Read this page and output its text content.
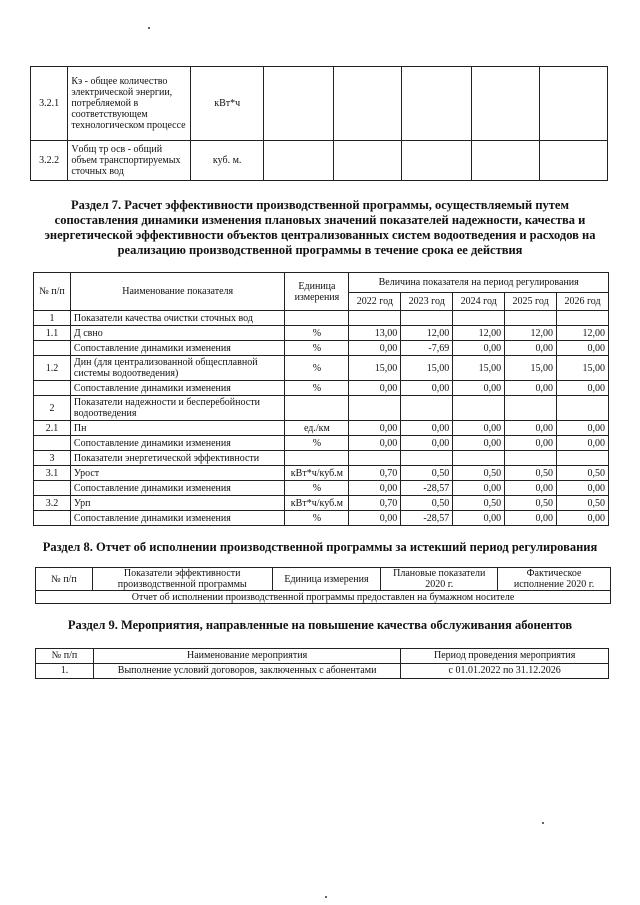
3.2.1	Кэ - общее количество электрической энергии, потребляемой в соответствующем технологическом процессе	кВт*ч					
3.2.2	Vобщ тр осв - общий объем транспортируемых сточных вод	куб. м.					

Раздел 7. Расчет эффективности производственной программы, осуществляемый путем сопоставления динамики изменения плановых значений показателей надежности, качества и энергетической эффективности объектов централизованных систем водоотведения и расходов на реализацию производственной программы в течение срока ее действия

№ п/п	Наименование показателя	Единица измерения	Величина показателя на период регулирования				
			2022 год	2023 год	2024 год	2025 год	2026 год
1	Показатели качества очистки сточных вод						
1.1	Д свно	%	13,00	12,00	12,00	12,00	12,00
	Сопоставление динамики изменения	%	0,00	-7,69	0,00	0,00	0,00
1.2	Дин (для централизованной общесплавной системы водоотведения)	%	15,00	15,00	15,00	15,00	15,00
	Сопоставление динамики изменения	%	0,00	0,00	0,00	0,00	0,00
2	Показатели надежности и бесперебойности водоотведения						
2.1	Пн	ед./км	0,00	0,00	0,00	0,00	0,00
	Сопоставление динамики изменения	%	0,00	0,00	0,00	0,00	0,00
3	Показатели энергетической эффективности						
3.1	Урост	кВт*ч/куб.м	0,70	0,50	0,50	0,50	0,50
	Сопоставление динамики изменения	%	0,00	-28,57	0,00	0,00	0,00
3.2	Урп	кВт*ч/куб.м	0,70	0,50	0,50	0,50	0,50
	Сопоставление динамики изменения	%	0,00	-28,57	0,00	0,00	0,00

Раздел 8. Отчет об исполнении производственной программы за истекший период регулирования

№ п/п	Показатели эффективности производственной программы	Единица измерения	Плановые показатели 2020 г.	Фактическое исполнение 2020 г.
Отчет об исполнении производственной программы предоставлен на бумажном носителе

Раздел 9. Мероприятия, направленные на повышение качества обслуживания абонентов

№ п/п	Наименование мероприятия	Период проведения мероприятия
1.	Выполнение условий договоров, заключенных с абонентами	с 01.01.2022 по 31.12.2026
